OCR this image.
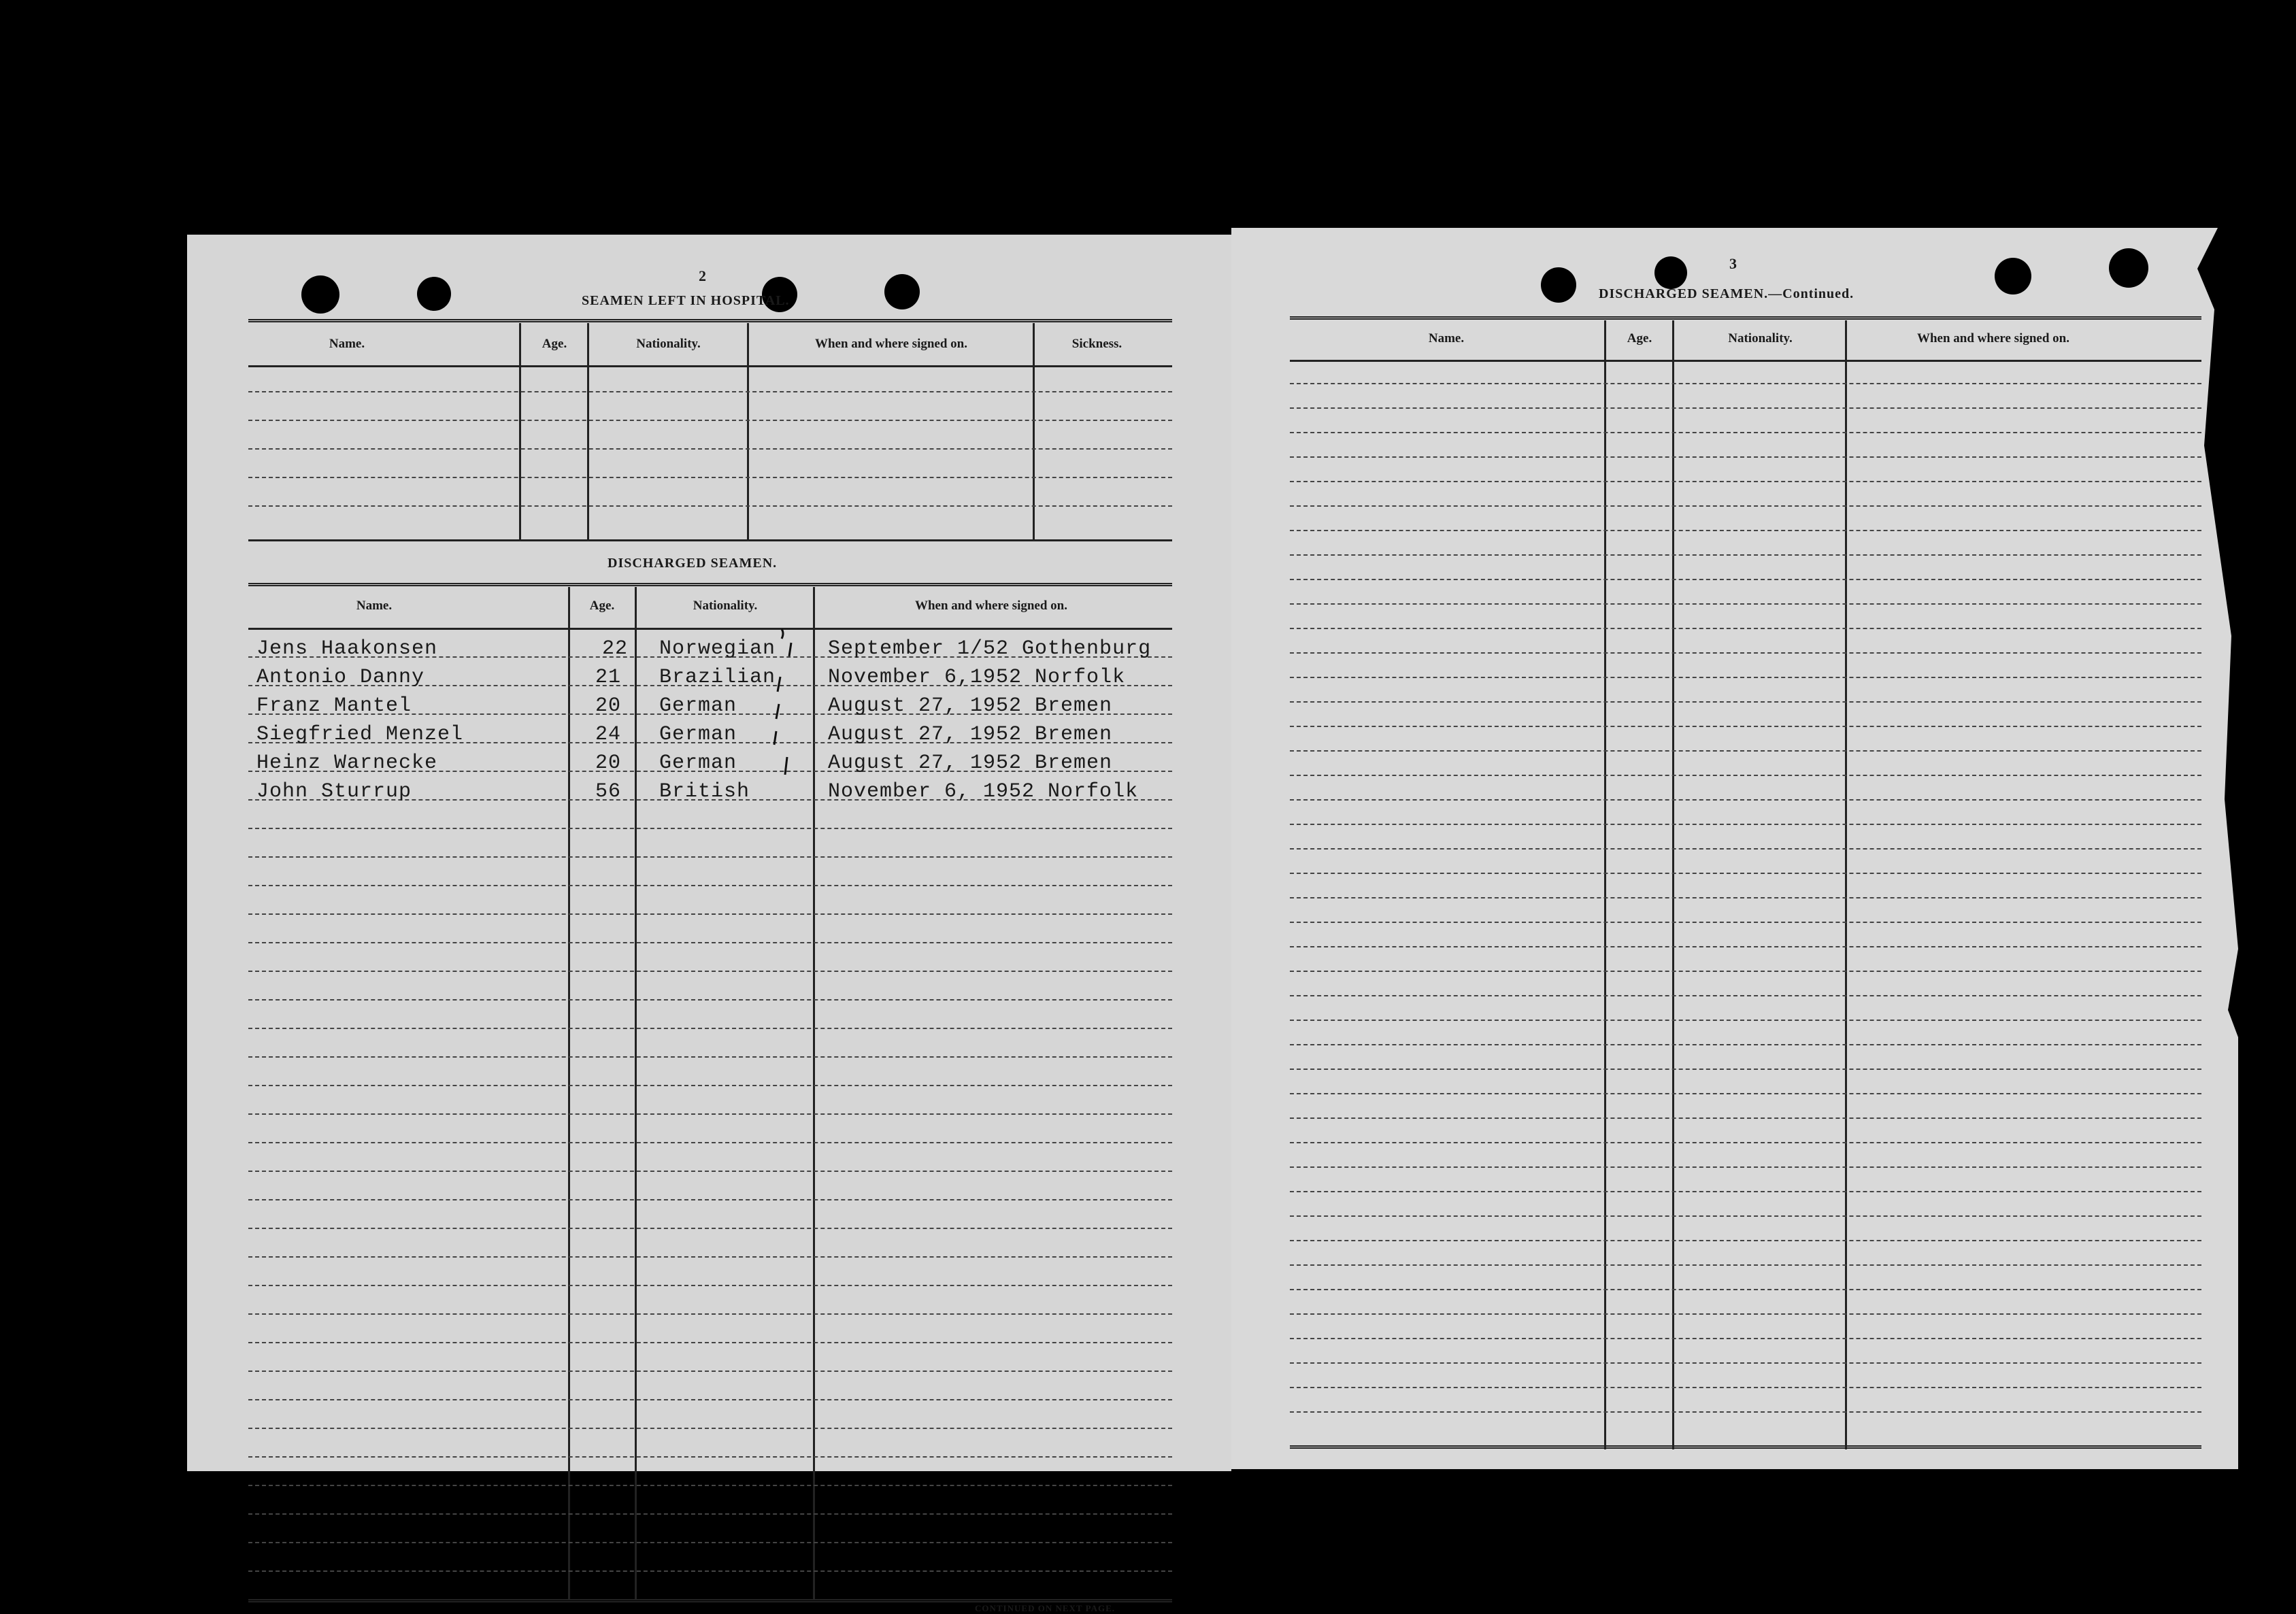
2
SEAMEN LEFT IN HOSPITAL.
Name.	Age.	Nationality.	When and where signed on.	Sickness.
DISCHARGED SEAMEN.
Name.	Age.	Nationality.	When and where signed on.
Jens Haakonsen	22 Norwegian	September 1/52 Gothenburg
Antonio Danny	21 Brazilian	November 6,1952 Norfolk
Franz Mantel	20 German	August 27, 1952 Bremen
Siegfried Menzel	24 German	August 27, 1952 Bremen
Heinz Warnecke	20 German	August 27, 1952 Bremen
John Sturrup	56 British	November 6, 1952 Norfolk
CONTINUED ON NEXT PAGE.
3
DISCHARGED SEAMEN.—Continued.
Name.	Age.	Nationality.	When and where signed on.
